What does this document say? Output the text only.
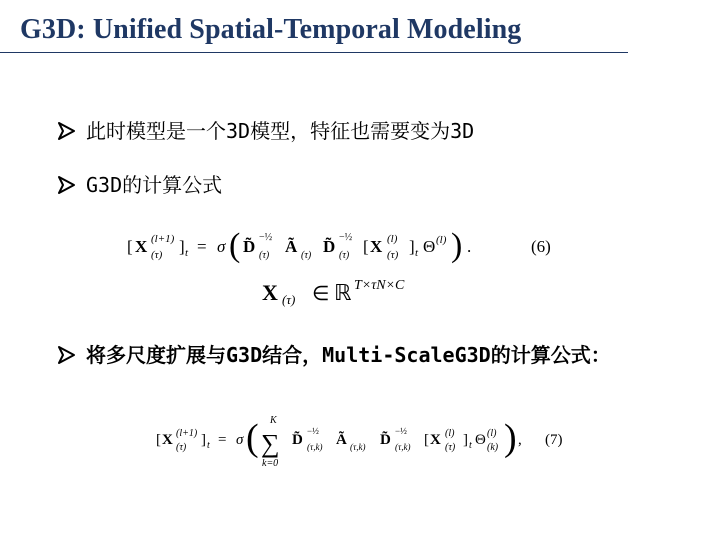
G3D: Unified Spatial-Temporal Modeling
此时模型是一个3D模型，特征也需要变为3D
G3D的计算公式
[ X (l+1)
(τ) ] t = σ ( D̃ −½
(τ) Ã (τ) D̃ −½
(τ) [ X (l)
(τ) ] t Θ (l) ) .	(6)
X (τ) ∈ ℝ T×τN×C
将多尺度扩展与G3D结合，Multi-ScaleG3D的计算公式：
[ X (l+1)
(τ) ] t = σ ( K
∑
k=0
D̃
−½
(τ,k) Ã (τ,k) D̃
−½
(τ,k) [ X (l)
(τ) ] t Θ (l)
(k) ) , (7)
